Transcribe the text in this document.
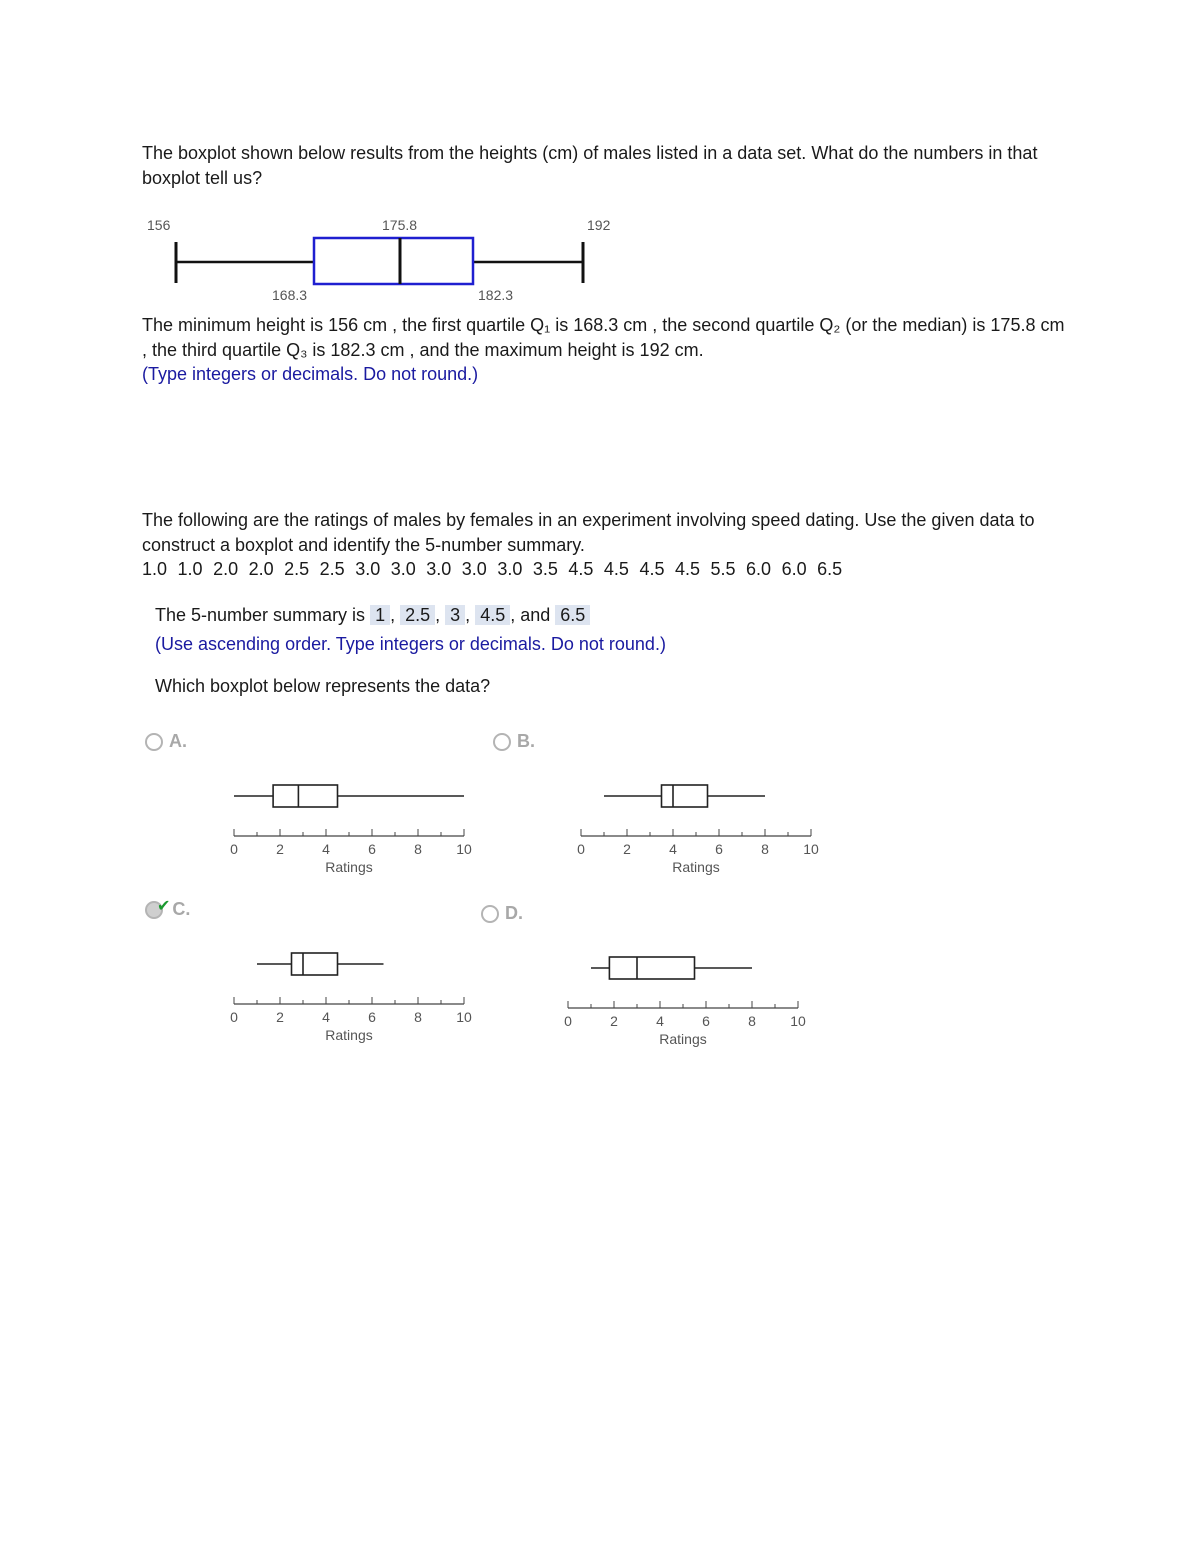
The boxplot shown below results from the heights (cm) of males listed in a data set. What do the numbers in that boxplot tell us?

156	175.8	192
168.3	182.3

The minimum height is 156 cm , the first quartile Q₁ is 168.3 cm , the second quartile Q₂ (or the median) is 175.8 cm , the third quartile Q₃ is 182.3 cm , and the maximum height is 192 cm.

(Type integers or decimals. Do not round.)

The following are the ratings of males by females in an experiment involving speed dating. Use the given data to construct a boxplot and identify the 5-number summary.

1.0 1.0 2.0 2.0 2.5 2.5 3.0 3.0 3.0 3.0 3.0 3.5 4.5 4.5 4.5 4.5 5.5 6.0 6.0 6.5

The 5-number summary is 1 , 2.5 , 3 , 4.5 , and 6.5
(Use ascending order. Type integers or decimals. Do not round.)
Which boxplot below represents the data?
A.	B.
✔ C.	D.
0	2	4	6	8 10
Ratings
0	2	4	6	8 10
Ratings
0	2	4	6	8 10
Ratings
0	2	4	6	8 10
Ratings
